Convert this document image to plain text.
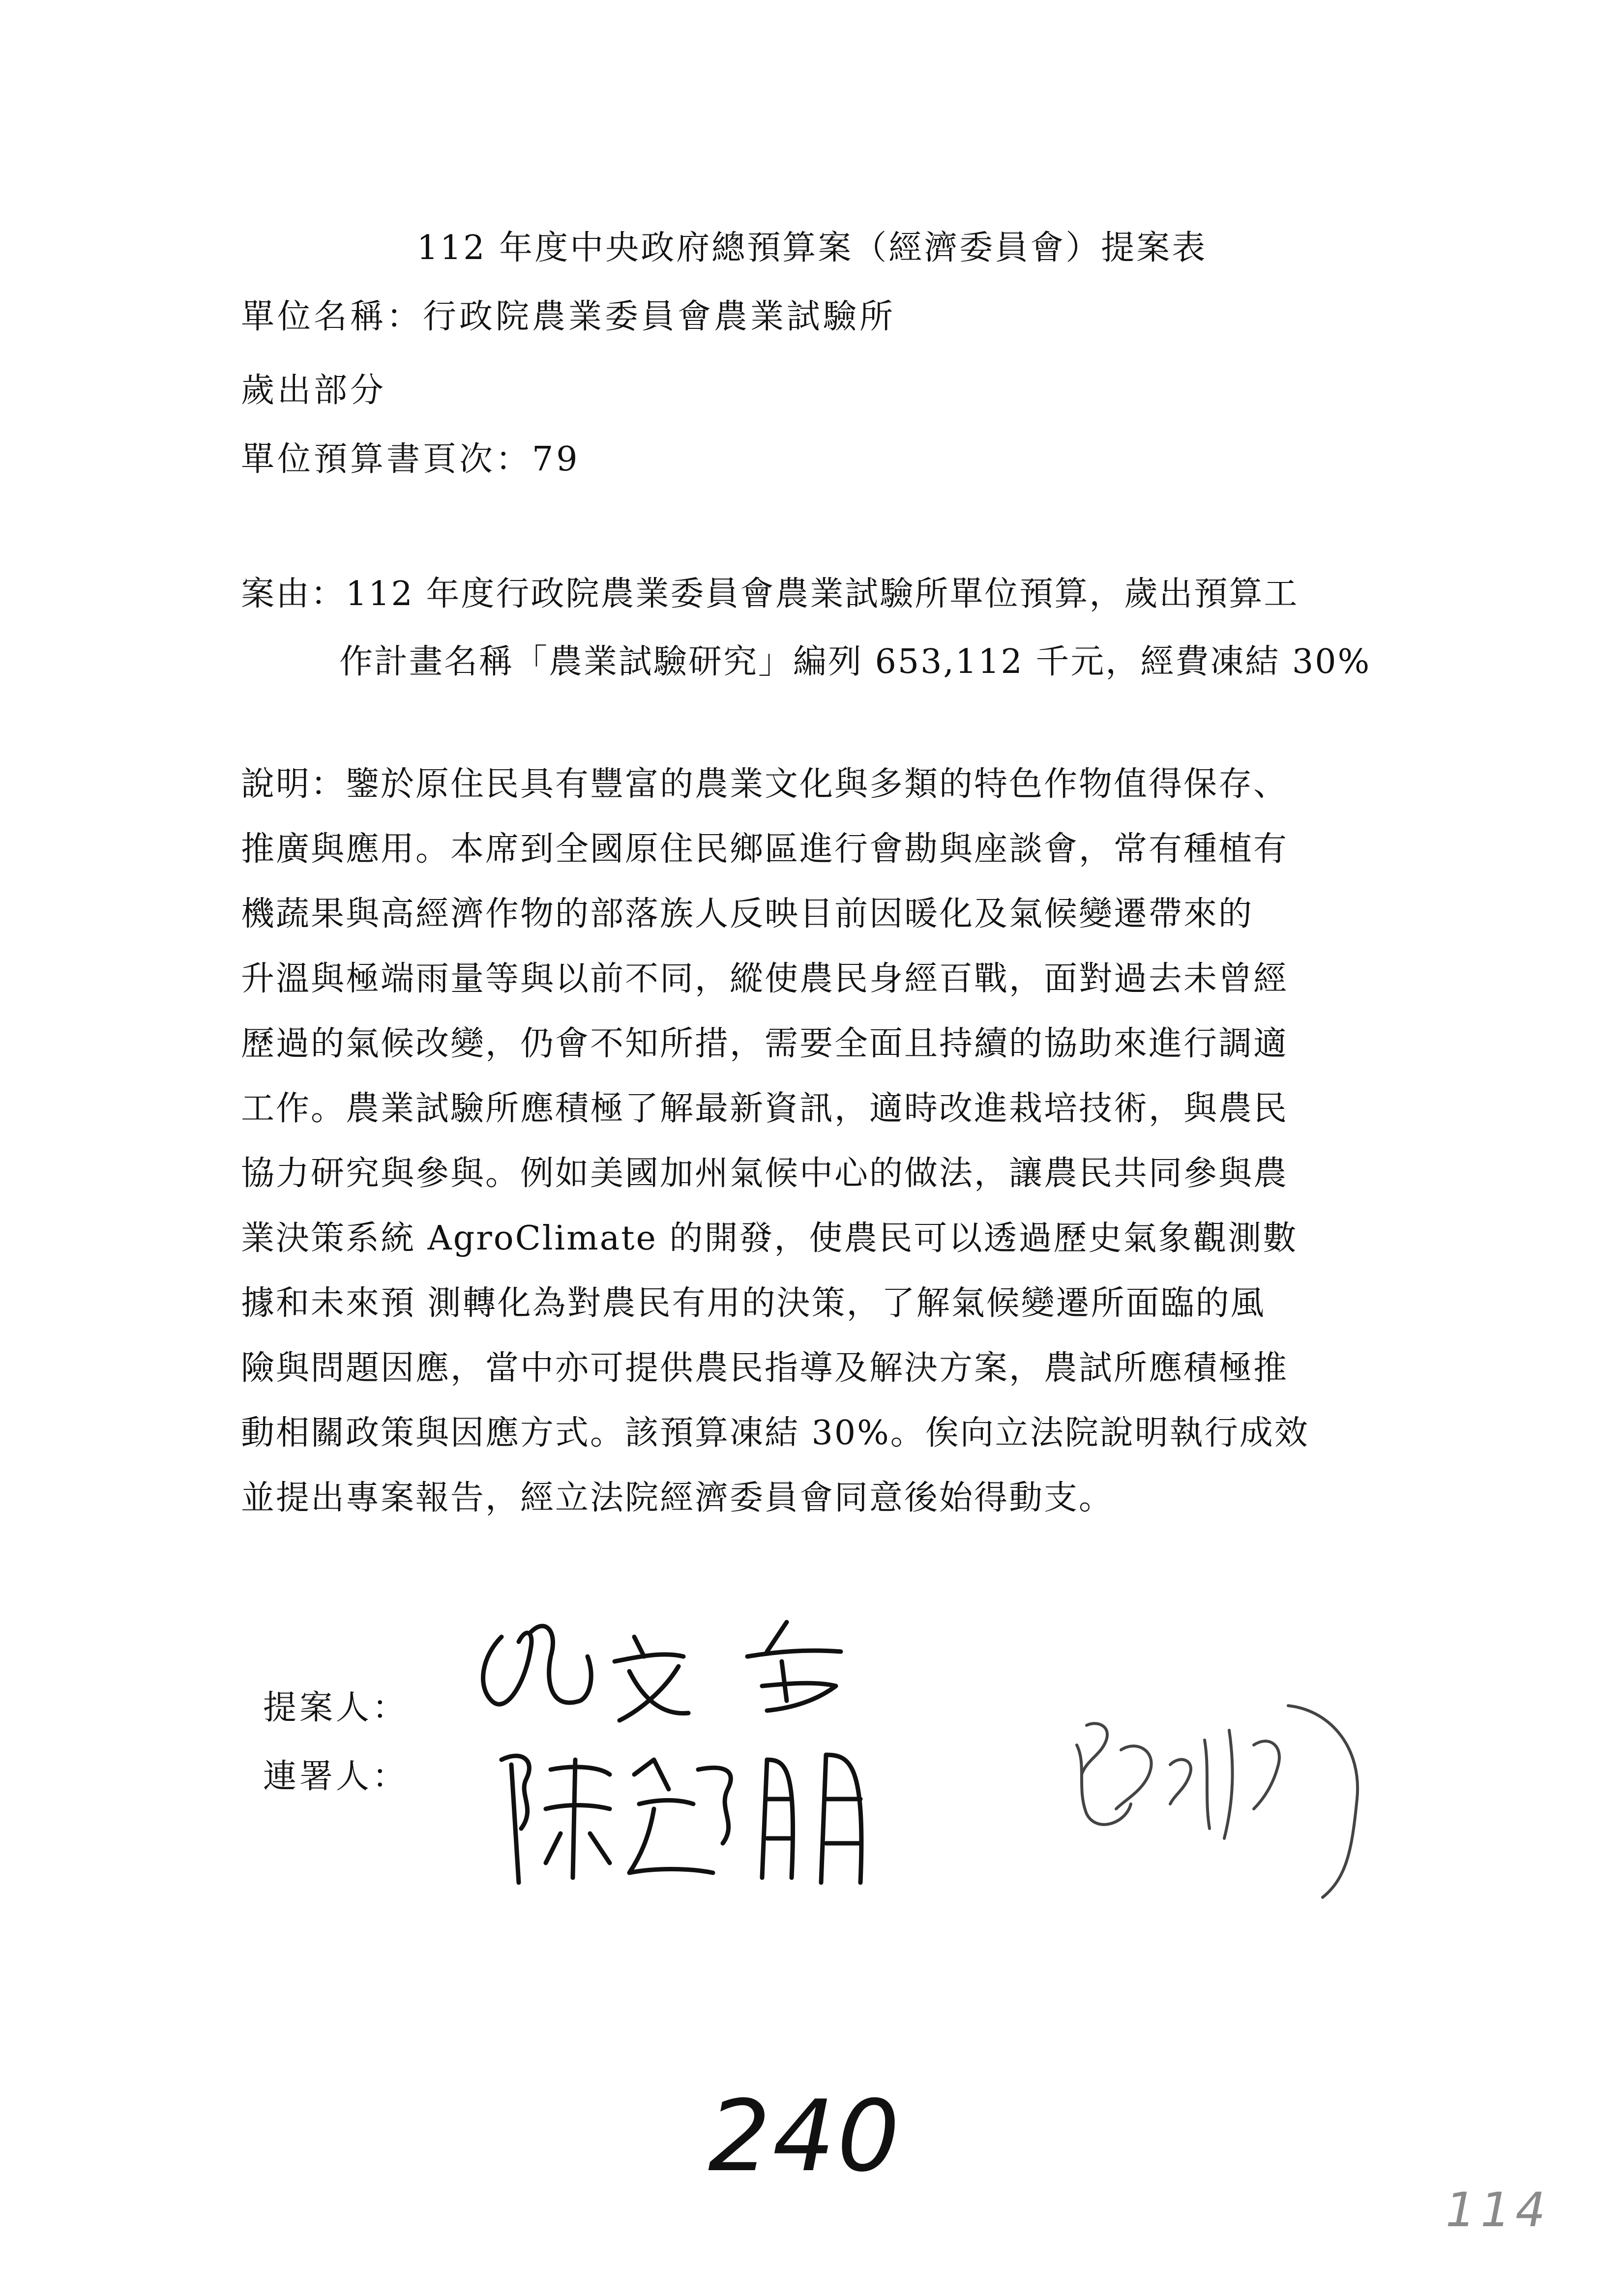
112 年度中央政府總預算案（經濟委員會）提案表
單位名稱：行政院農業委員會農業試驗所
歲出部分
單位預算書頁次：79
案由：112 年度行政院農業委員會農業試驗所單位預算，歲出預算工
作計畫名稱「農業試驗研究」編列 653,112 千元，經費凍結 30%
說明：鑒於原住民具有豐富的農業文化與多類的特色作物值得保存、
推廣與應用。本席到全國原住民鄉區進行會勘與座談會，常有種植有
機蔬果與高經濟作物的部落族人反映目前因暖化及氣候變遷帶來的
升溫與極端雨量等與以前不同，縱使農民身經百戰，面對過去未曾經
歷過的氣候改變，仍會不知所措，需要全面且持續的協助來進行調適
工作。農業試驗所應積極了解最新資訊，適時改進栽培技術，與農民
協力研究與參與。例如美國加州氣候中心的做法，讓農民共同參與農
業決策系統 AgroClimate 的開發，使農民可以透過歷史氣象觀測數
據和未來預 測轉化為對農民有用的決策，了解氣候變遷所面臨的風
險與問題因應，當中亦可提供農民指導及解決方案，農試所應積極推
動相關政策與因應方式。該預算凍結 30%。俟向立法院說明執行成效
並提出專案報告，經立法院經濟委員會同意後始得動支。
提案人：
連署人：
240
114
